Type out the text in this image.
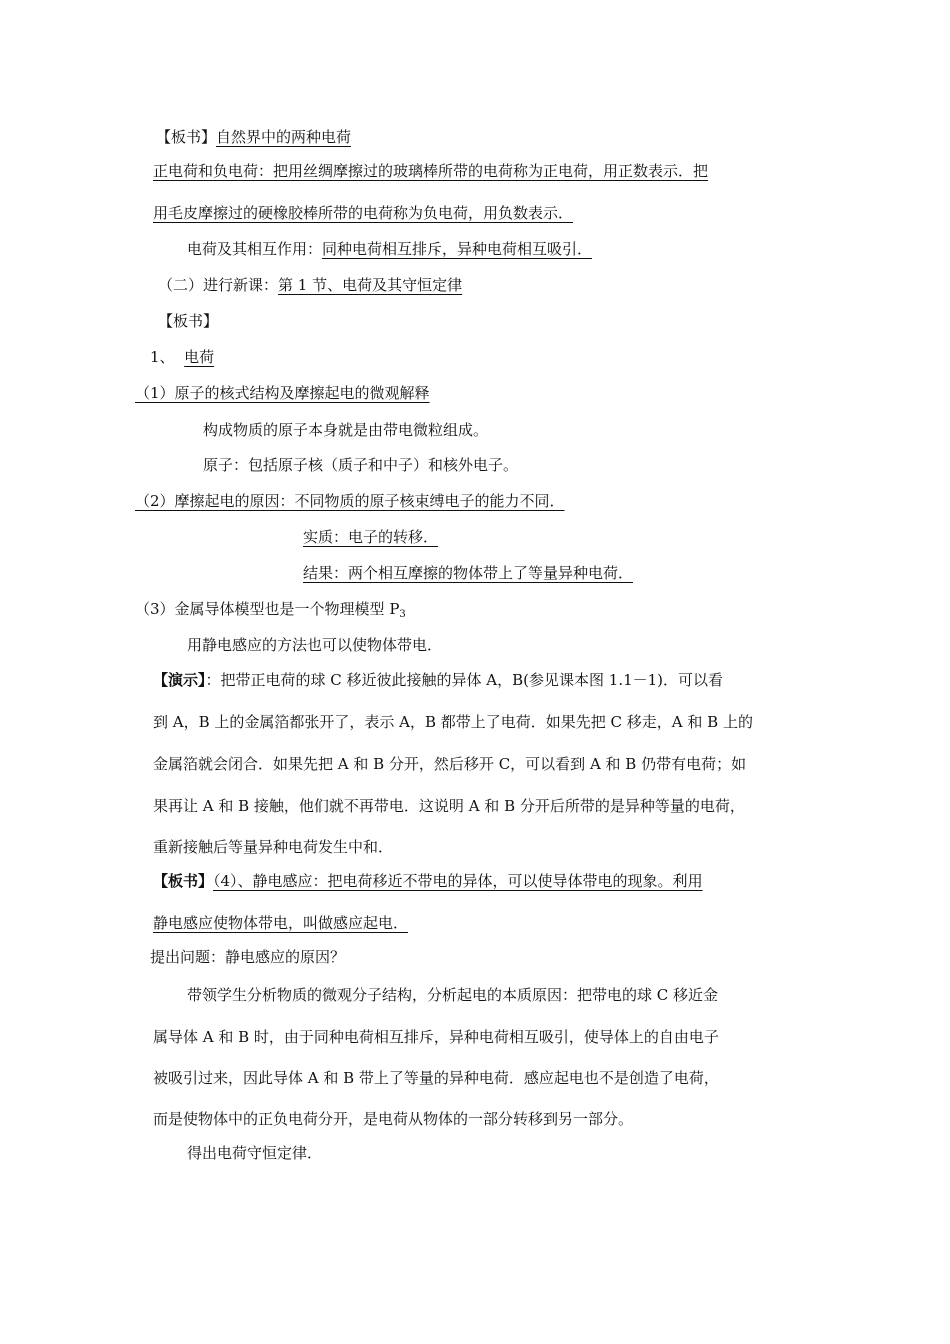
【板书】自然界中的两种电荷
正电荷和负电荷：把用丝绸摩擦过的玻璃棒所带的电荷称为正电荷，用正数表示．把
用毛皮摩擦过的硬橡胶棒所带的电荷称为负电荷，用负数表示．
电荷及其相互作用：同种电荷相互排斥，异种电荷相互吸引．
（二）进行新课：第 1 节、电荷及其守恒定律
【板书】
1、 电荷
（1）原子的核式结构及摩擦起电的微观解释
构成物质的原子本身就是由带电微粒组成。
原子：包括原子核（质子和中子）和核外电子。
（2）摩擦起电的原因：不同物质的原子核束缚电子的能力不同．
实质：电子的转移．
结果：两个相互摩擦的物体带上了等量异种电荷．
（3）金属导体模型也是一个物理模型 $P_3$
用静电感应的方法也可以使物体带电．
【演示】：把带正电荷的球 C 移近彼此接触的异体 A，B(参见课本图 1.1－1)．可以看
到 A，B 上的金属箔都张开了，表示 A，B 都带上了电荷．如果先把 C 移走，A 和 B 上的
金属箔就会闭合．如果先把 A 和 B 分开，然后移开 C，可以看到 A 和 B 仍带有电荷；如
果再让 A 和 B 接触，他们就不再带电．这说明 A 和 B 分开后所带的是异种等量的电荷，
重新接触后等量异种电荷发生中和．
【板书】（4）、静电感应：把电荷移近不带电的异体，可以使导体带电的现象。利用
静电感应使物体带电，叫做感应起电．
提出问题：静电感应的原因？
带领学生分析物质的微观分子结构，分析起电的本质原因：把带电的球 C 移近金
属导体 A 和 B 时，由于同种电荷相互排斥，异种电荷相互吸引，使导体上的自由电子
被吸引过来，因此导体 A 和 B 带上了等量的异种电荷．感应起电也不是创造了电荷，
而是使物体中的正负电荷分开，是电荷从物体的一部分转移到另一部分。
得出电荷守恒定律．
